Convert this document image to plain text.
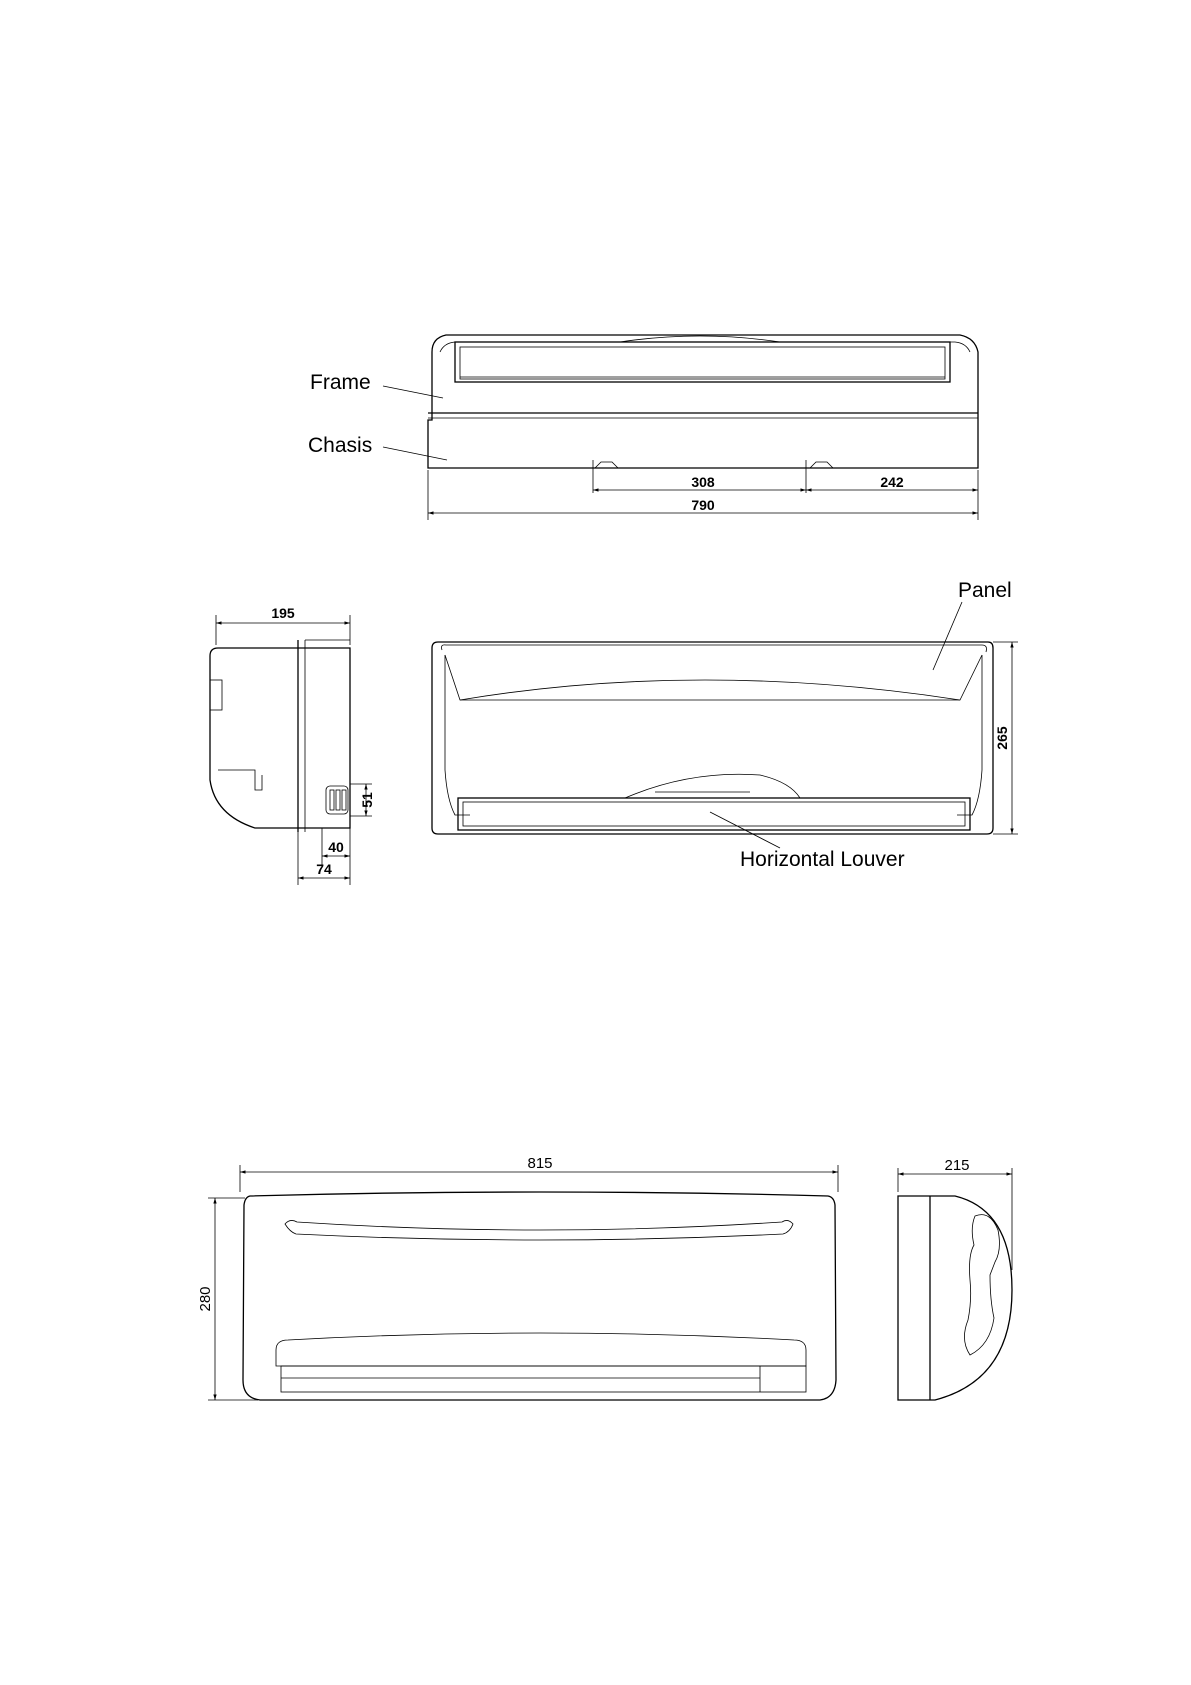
308	242
790
Frame
Chasis
195
51
40
74
265
Panel
Horizontal Louver
815
280
215
